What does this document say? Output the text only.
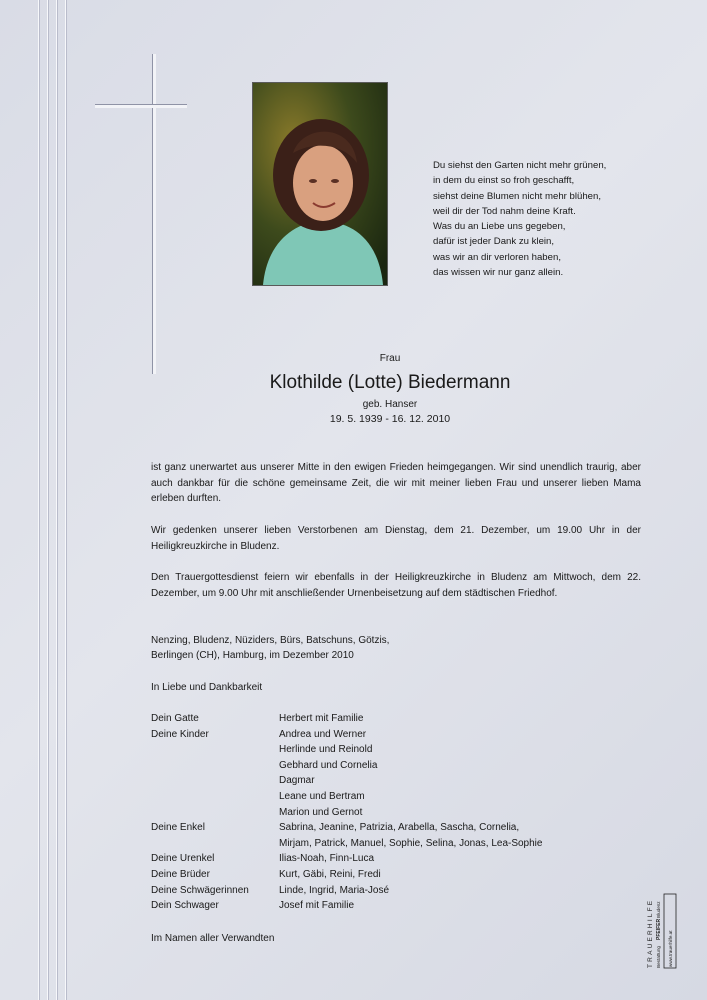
Du siehst den Garten nicht mehr grünen,
in dem du einst so froh geschafft,
siehst deine Blumen nicht mehr blühen,
weil dir der Tod nahm deine Kraft.
Was du an Liebe uns gegeben,
dafür ist jeder Dank zu klein,
was wir an dir verloren haben,
das wissen wir nur ganz allein.
Frau
Klothilde (Lotte) Biedermann
geb. Hanser
19. 5. 1939 - 16. 12. 2010
ist ganz unerwartet aus unserer Mitte in den ewigen Frieden heimgegangen. Wir sind unendlich traurig, aber auch dankbar für die schöne gemeinsame Zeit, die wir mit meiner lieben Frau und unserer lieben Mama erleben durften.
Wir gedenken unserer lieben Verstorbenen am Dienstag, dem 21. Dezember, um 19.00 Uhr in der Heiligkreuzkirche in Bludenz.
Den Trauergottesdienst feiern wir ebenfalls in der Heiligkreuzkirche in Bludenz am Mittwoch, dem 22. Dezember, um 9.00 Uhr mit anschließender Urnenbeisetzung auf dem städtischen Friedhof.
Nenzing, Bludenz, Nüziders, Bürs, Batschuns, Götzis,
Berlingen (CH), Hamburg, im Dezember 2010
In Liebe und Dankbarkeit
Dein Gatte	Herbert mit Familie
Deine Kinder	Andrea und Werner
Herlinde und Reinold
Gebhard und Cornelia
Dagmar
Leane und Bertram
Marion und Gernot
Deine Enkel	Sabrina, Jeanine, Patrizia, Arabella, Sascha, Cornelia,
Mirjam, Patrick, Manuel, Sophie, Selina, Jonas, Lea-Sophie
Deine Urenkel	Ilias-Noah, Finn-Luca
Deine Brüder	Kurt, Gäbi, Reini, Fredi
Deine Schwägerinnen	Linde, Ingrid, Maria-José
Dein Schwager	Josef mit Familie
Im Namen aller Verwandten	TRAUERHILFE Bestattung
PFEIFER
Bludenz
www.trauerhilfe.at
